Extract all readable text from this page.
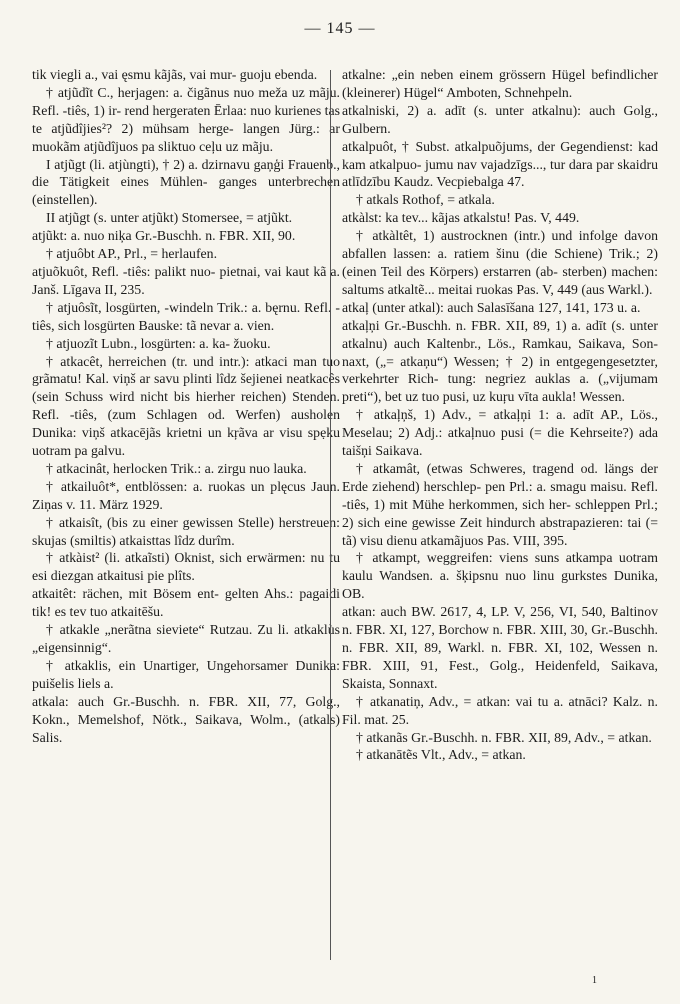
— 145 —

tik viegli a., vai ęsmu kãjãs, vai mur- guoju ebenda.

† atjũdĩt C., herjagen: a. čigãnus nuo meža uz mãju. Refl. -tiês, 1) ir- rend hergeraten Ērlaa: nuo kurienes tas te atjũdîjies²? 2) mühsam herge- langen Jürg.: ar muokãm atjũdîjuos pa sliktuo ceļu uz mãju.

I atjũgt (li. atjùngti), † 2) a. dzirnavu gaņģi Frauenb., die Tätigkeit eines Mühlen- ganges unterbrechen (einstellen).

II atjũgt (s. unter atjũkt) Stomersee, = atjũkt.

atjũkt: a. nuo niķa Gr.-Buschh. n. FBR. XII, 90.

† atjuôbt AP., Prl., = herlaufen.

atjuõkuôt, Refl. -tiês: palikt nuo- pietnai, vai kaut kã a. Janš. Līgava II, 235.

† atjuôsĩt, losgürten, -windeln Trik.: a. bęrnu. Refl. -tiês, sich losgürten Bauske: tã nevar a. vien.

† atjuozĩt Lubn., losgürten: a. ka- žuoku.

† atkacêt, herreichen (tr. und intr.): atkaci man tuo grãmatu! Kal. viņš ar savu plinti lîdz šejienei neatkacês (sein Schuss wird nicht bis hierher reichen) Stenden. Refl. -tiês, (zum Schlagen od. Werfen) ausholen Dunika: viņš atkacējãs krietni un kŗãva ar visu spẹku uotram pa galvu.

† atkacinât, herlocken Trik.: a. zirgu nuo lauka.

† atkailuôt*, entblössen: a. ruokas un plęcus Jaun. Ziņas v. 11. März 1929.

† atkaisît, (bis zu einer gewissen Stelle) herstreuen: skujas (smiltis) atkaisttas lîdz durîm.

† atkàist² (li. atkaĩsti) Oknist, sich erwärmen: nu tu esi diezgan atkaitusi pie plîts.

atkaitêt: rächen, mit Bösem ent- gelten Ahs.: pagaidi tik! es tev tuo atkaitēšu.

† atkakle „nerãtna sieviete“ Rutzau. Zu li. atkaklùs „eigensinnig“.

† atkaklis, ein Unartiger, Ungehorsamer Dunika: puišelis liels a.

atkala: auch Gr.-Buschh. n. FBR. XII, 77, Golg., Kokn., Memelshof, Nötk., Saikava, Wolm., (atkals) Salis.

atkalne: „ein neben einem grössern Hügel befindlicher (kleinerer) Hügel“ Amboten, Schnehpeln.

atkalniski, 2) a. adīt (s. unter atkalnu): auch Golg., Gulbern.

atkalpuôt, † Subst. atkalpuõjums, der Gegendienst: kad kam atkalpuo- jumu nav vajadzīgs..., tur dara par skaidru atlīdzību Kaudz. Vecpiebalga 47.

† atkals Rothof, = atkala.

atkàlst: ka tev... kãjas atkalstu! Pas. V, 449.

† atkàltêt, 1) austrocknen (intr.) und infolge davon abfallen lassen: a. ratiem šinu (die Schiene) Trik.; 2) (einen Teil des Körpers) erstarren (ab- sterben) machen: saltums atkaltẽ... meitai ruokas Pas. V, 449 (aus Warkl.).

atkaļ (unter atkal): auch Salasīšana 127, 141, 173 u. a.

atkaļņi Gr.-Buschh. n. FBR. XII, 89, 1) a. adīt (s. unter atkalnu) auch Kaltenbr., Lös., Ramkau, Saikava, Son- naxt, („= atkaņu“) Wessen; † 2) in entgegengesetzter, verkehrter Rich- tung: negriez auklas a. („vijumam preti“), bet uz tuo pusi, uz kuŗu vīta aukla! Wessen.

† atkaļņš, 1) Adv., = atkaļņi 1: a. adīt AP., Lös., Meselau; 2) Adj.: atkaļnuo pusi (= die Kehrseite?) ada taišņi Saikava.

† atkamât, (etwas Schweres, tragend od. längs der Erde ziehend) herschlep- pen Prl.: a. smagu maisu. Refl. -tiês, 1) mit Mühe herkommen, sich her- schleppen Prl.; 2) sich eine gewisse Zeit hindurch abstrapazieren: tai (= tã) visu dienu atkamãjuos Pas. VIII, 395.

† atkampt, weggreifen: viens suns atkampa uotram kaulu Wandsen. a. šķipsnu nuo linu gurkstes Dunika, OB.

atkan: auch BW. 2617, 4, LP. V, 256, VI, 540, Baltinov n. FBR. XI, 127, Borchow n. FBR. XIII, 30, Gr.-Buschh. n. FBR. XII, 89, Warkl. n. FBR. XI, 102, Wessen n. FBR. XIII, 91, Fest., Golg., Heidenfeld, Saikava, Skaista, Sonnaxt.

† atkanatiņ, Adv., = atkan: vai tu a. atnāci? Kalz. n. Fil. mat. 25.

† atkanãs Gr.-Buschh. n. FBR. XII, 89, Adv., = atkan.

† atkanātẽs Vlt., Adv., = atkan.

1
